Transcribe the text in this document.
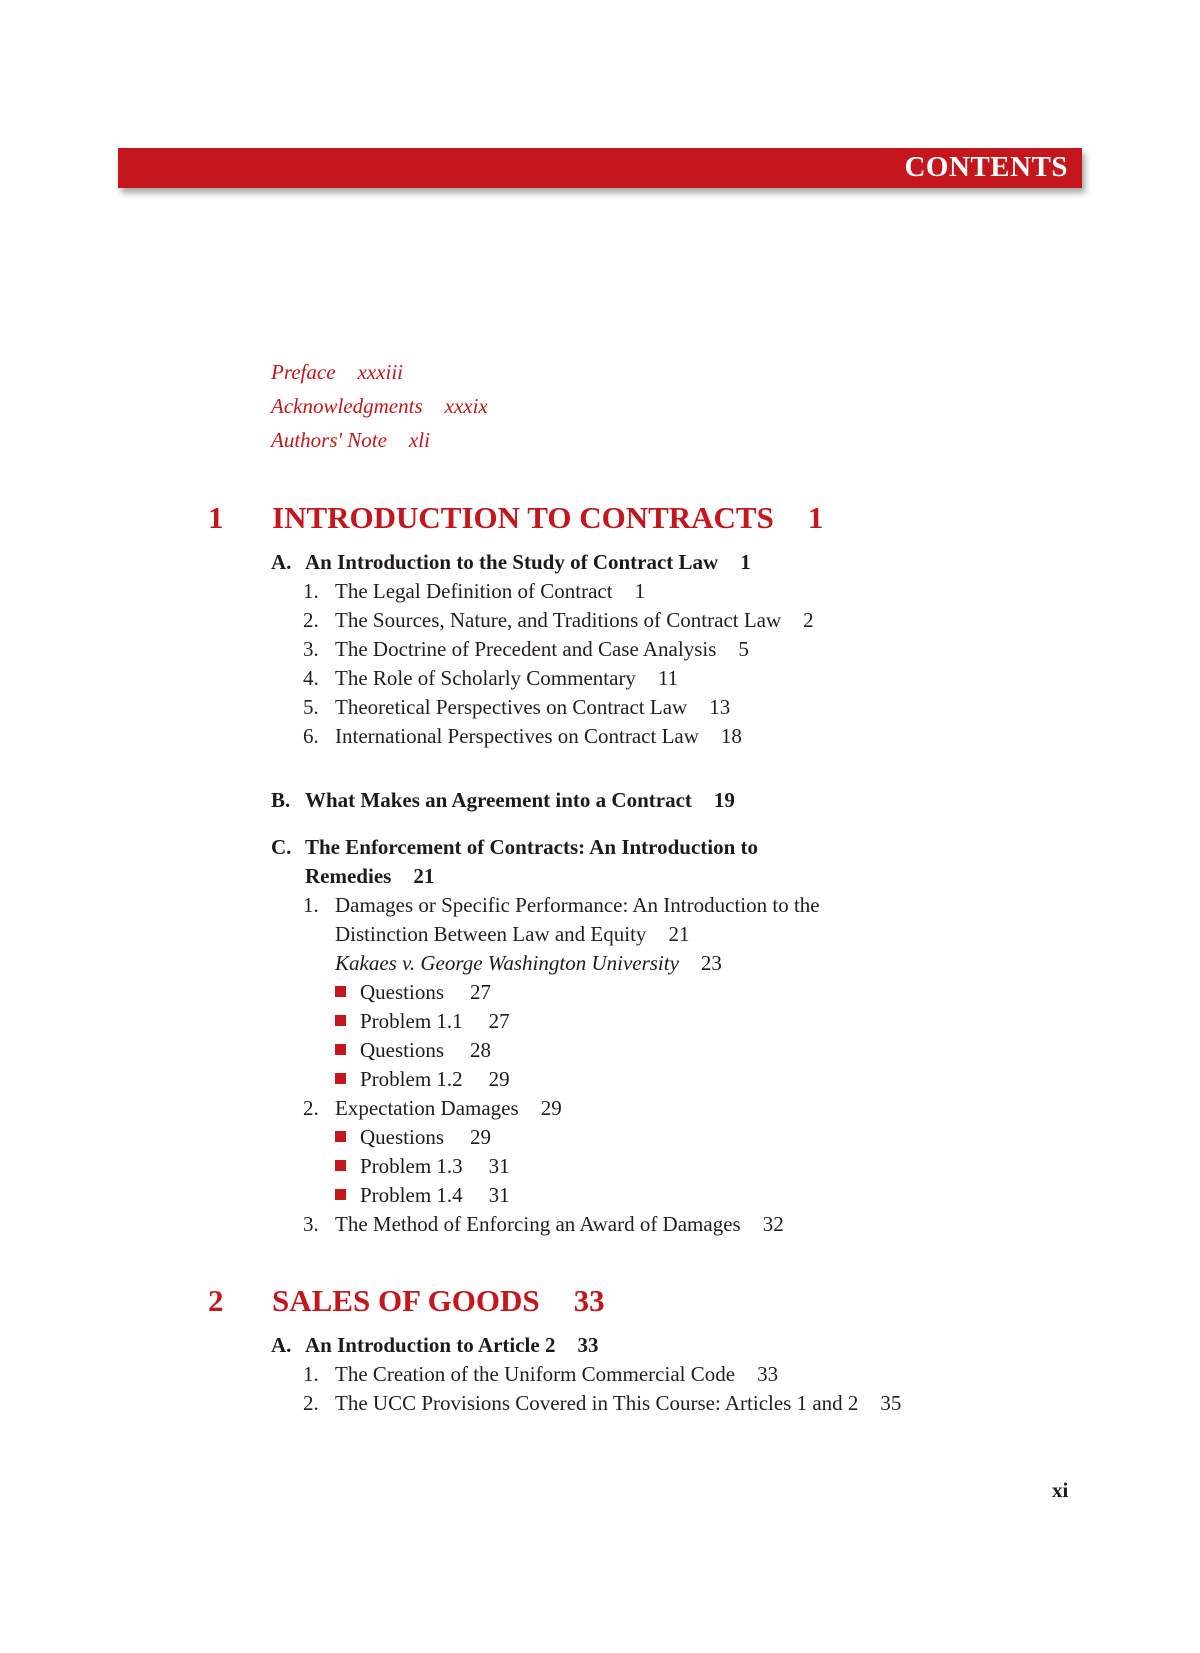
CONTENTS
Preface xxxiii
Acknowledgments xxxix
Authors' Note xli
1 INTRODUCTION TO CONTRACTS 1
A. An Introduction to the Study of Contract Law 1
1. The Legal Definition of Contract 1
2. The Sources, Nature, and Traditions of Contract Law 2
3. The Doctrine of Precedent and Case Analysis 5
4. The Role of Scholarly Commentary 11
5. Theoretical Perspectives on Contract Law 13
6. International Perspectives on Contract Law 18
B. What Makes an Agreement into a Contract 19
C. The Enforcement of Contracts: An Introduction to
Remedies 21
1. Damages or Specific Performance: An Introduction to the
Distinction Between Law and Equity 21
Kakaes v. George Washington University 23
Questions 27
Problem 1.1 27
Questions 28
Problem 1.2 29
2. Expectation Damages 29
Questions 29
Problem 1.3 31
Problem 1.4 31
3. The Method of Enforcing an Award of Damages 32
2 SALES OF GOODS 33
A. An Introduction to Article 2 33
1. The Creation of the Uniform Commercial Code 33
2. The UCC Provisions Covered in This Course: Articles 1 and 2 35
xi
